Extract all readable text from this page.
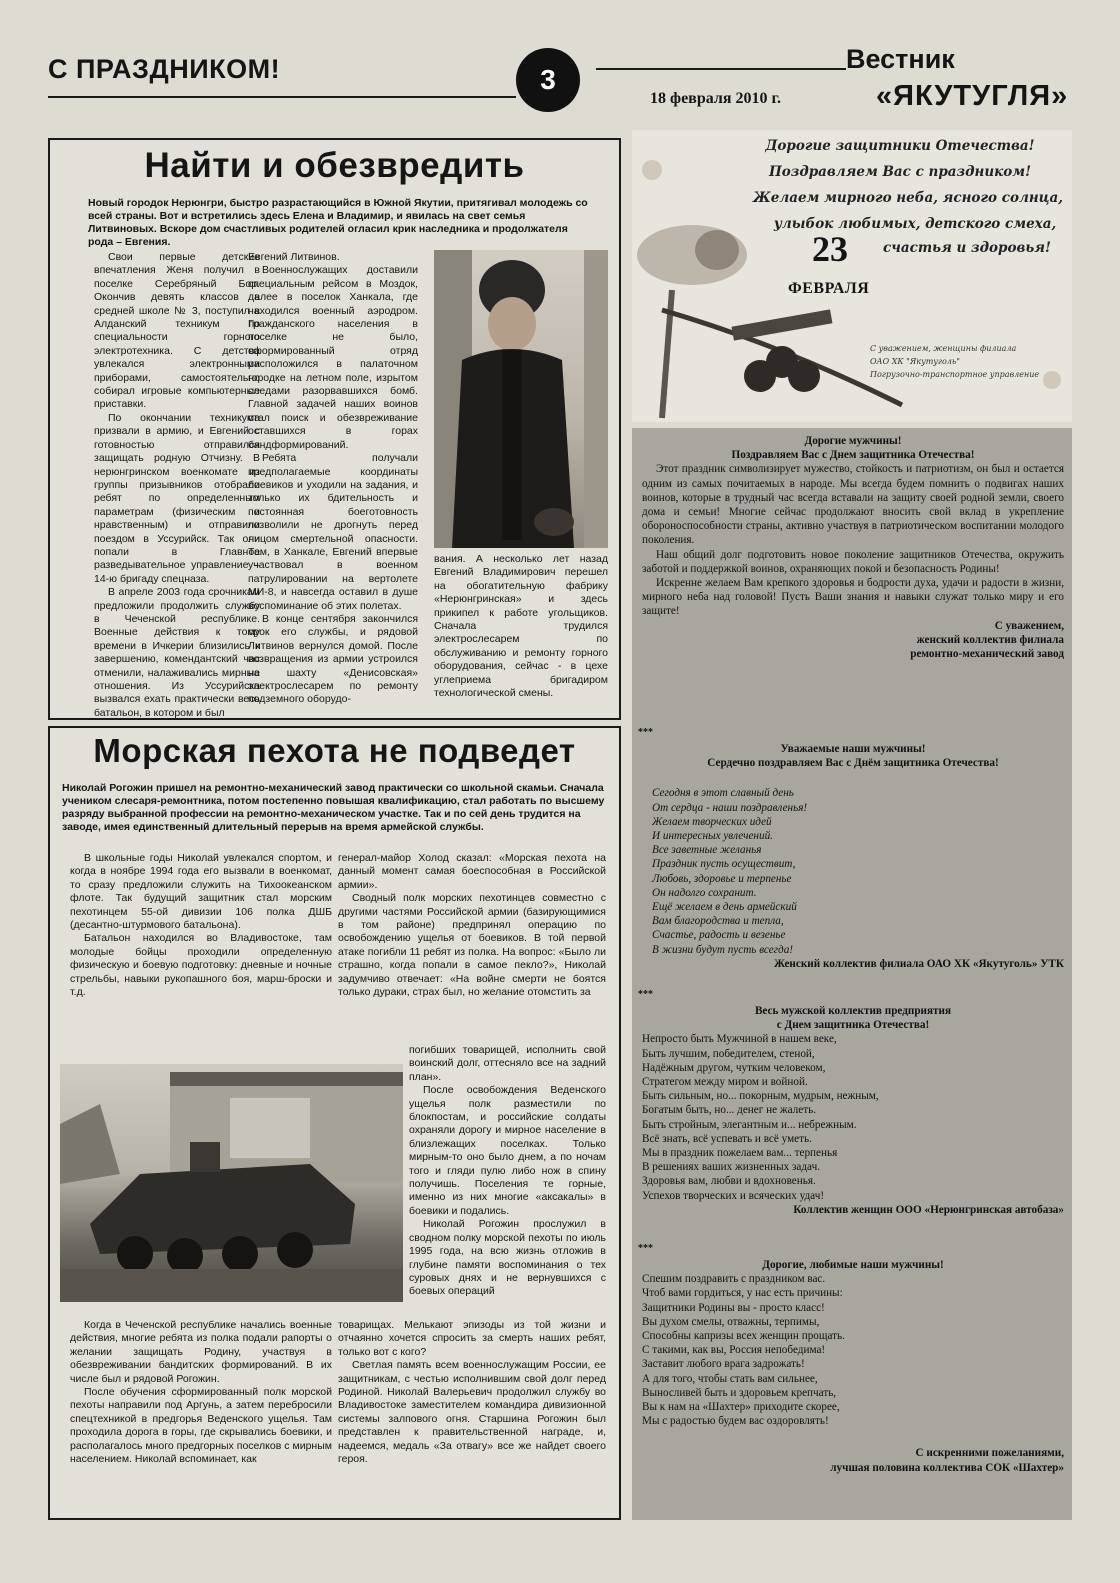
С ПРАЗДНИКОМ!	3
18 февраля 2010 г.
Вестник
«ЯКУТУГЛЯ»
Найти и обезвредить
Новый городок Нерюнгри, быстро разрастающийся в Южной Якутии, притягивал молодежь со всей страны. Вот и встретились здесь Елена и Владимир, и явилась на свет семья Литвиновых. Вскоре дом счастливых родителей огласил крик наследника и продолжателя рода – Евгения.

Свои первые детские впечатления Женя получил в поселке Серебряный Бор. Окончив девять классов в средней школе № 3, поступил в Алданский техникум по специальности горного электротехника. С детства увлекался электронными приборами, самостоятельно собирал игровые компьютерные приставки.

По окончании техникума призвали в армию, и Евгений с готовностью отправился защищать родную Отчизну. В нерюнгринском военкомате из группы призывников отобрали ребят по определенным параметрам (физическим и нравственным) и отправили поездом в Уссурийск. Так они попали в Главное разведывательное управление – 14-ю бригаду спецназа.

В апреле 2003 года срочникам предложили продолжить службу в Чеченской республике. Военные действия к тому времени в Ичкерии близились к завершению, комендантский час отменили, налаживались мирные отношения. Из Уссурийска вызвался ехать практически весь батальон, в котором и был

Евгений Литвинов.

Военнослужащих доставили специальным рейсом в Моздок, далее в поселок Ханкала, где находился военный аэродром. Гражданского населения в поселке не было, сформированный отряд расположился в палаточном городке на летном поле, изрытом следами разорвавшихся бомб. Главной задачей наших воинов стал поиск и обезвреживание оставшихся в горах бандформирований.

Ребята получали предполагаемые координаты боевиков и уходили на задания, и только их бдительность и постоянная боеготовность позволили не дрогнуть перед лицом смертельной опасности. Там, в Ханкале, Евгений впервые участвовал в военном патрулировании на вертолете МИ-8, и навсегда оставил в душе воспоминание об этих полетах.

В конце сентября закончился срок его службы, и рядовой Литвинов вернулся домой. После возвращения из армии устроился на шахту «Денисовская» электрослесарем по ремонту подземного оборудо-

вания. А несколько лет назад Евгений Владимирович перешел на обогатительную фабрику «Нерюнгринская» и здесь прикипел к работе угольщиков. Сначала трудился электрослесарем по обслуживанию и ремонту горного оборудования, сейчас - в цехе углеприема бригадиром технологической смены.

Морская пехота не подведет
Николай Рогожин пришел на ремонтно-механический завод практически со школьной скамьи. Сначала учеником слесаря-ремонтника, потом постепенно повышая квалификацию, стал работать по высшему разряду выбранной профессии на ремонтно-механическом участке. Так и по сей день трудится на заводе, имея единственный длительный перерыв на время армейской службы.

В школьные годы Николай увлекался спортом, и когда в ноябре 1994 года его вызвали в военкомат, то сразу предложили служить на Тихоокеанском флоте. Так будущий защитник стал морским пехотинцем 55-ой дивизии 106 полка ДШБ (десантно-штурмового батальона).

Батальон находился во Владивостоке, там молодые бойцы проходили определенную физическую и боевую подготовку: дневные и ночные стрельбы, навыки рукопашного боя, марш-броски и т.д.

генерал-майор Холод сказал: «Морская пехота на данный момент самая боеспособная в Российской армии».

Сводный полк морских пехотинцев совместно с другими частями Российской армии (базирующимися в том районе) предпринял операцию по освобождению ущелья от боевиков. В той первой атаке погибли 11 ребят из полка. На вопрос: «Было ли страшно, когда попали в самое пекло?», Николай задумчиво отвечает: «На войне смерти не боятся только дураки, страх был, но желание отомстить за

погибших товарищей, исполнить свой воинский долг, оттесняло все на задний план».

После освобождения Веденского ущелья полк разместили по блокпостам, и российские солдаты охраняли дорогу и мирное население в близлежащих поселках. Только мирным-то оно было днем, а по ночам того и гляди пулю либо нож в спину получишь. Поселения те горные, именно из них многие «аксакалы» в боевики и подались.

Николай Рогожин прослужил в сводном полку морской пехоты по июль 1995 года, на всю жизнь отложив в глубине памяти воспоминания о тех суровых днях и не вернувшихся с боевых операций

Когда в Чеченской республике начались военные действия, многие ребята из полка подали рапорты о желании защищать Родину, участвуя в обезвреживании бандитских формирований. В их числе был и рядовой Рогожин.

После обучения сформированный полк морской пехоты направили под Аргунь, а затем перебросили спецтехникой в предгорья Веденского ущелья. Там проходила дорога в горы, где скрывались боевики, и располагалось много предгорных поселков с мирным населением. Николай вспоминает, как

товарищах. Мелькают эпизоды из той жизни и отчаянно хочется спросить за смерть наших ребят, только вот с кого?

Светлая память всем военнослужащим России, ее защитникам, с честью исполнившим свой долг перед Родиной. Николай Валерьевич продолжил службу во Владивостоке заместителем командира дивизионной системы залпового огня. Старшина Рогожин был представлен к правительственной награде, и, надеемся, медаль «За отвагу» все же найдет своего героя.

Дорогие защитники Отечества!
Поздравляем Вас с праздником!
Желаем мирного неба, ясного солнца,
улыбок любимых, детского смеха,
счастья и здоровья!
23
ФЕВРАЛЯ
С уважением, женщины филиала
ОАО ХК "Якутуголь"
Погрузочно-транспортное управление
Дорогие мужчины!
Поздравляем Вас с Днем защитника Отечества!
Этот праздник символизирует мужество, стойкость и патриотизм, он был и остается одним из самых почитаемых в народе. Мы всегда будем помнить о подвигах наших воинов, которые в трудный час всегда вставали на защиту своей родной земли, своего дома и семьи! Многие сейчас продолжают вносить свой вклад в укрепление обороноспособности страны, активно участвуя в патриотическом воспитании молодого поколения.
Наш общий долг подготовить новое поколение защитников Отечества, окружить заботой и поддержкой воинов, охраняющих покой и безопасность Родины!
Искренне желаем Вам крепкого здоровья и бодрости духа, удачи и радости в жизни, мирного неба над головой! Пусть Ваши знания и навыки служат только миру и его защите!
С уважением,
женский коллектив филиала
ремонтно-механический завод
***
Уважаемые наши мужчины!
Сердечно поздравляем Вас с Днём защитника Отечества!
Сегодня в этот славный день
От сердца - наши поздравленья!
Желаем творческих идей
И интересных увлечений.
Все заветные желанья
Праздник пусть осуществит,
Любовь, здоровье и терпенье
Он надолго сохранит.
Ещё желаем в день армейский
Вам благородства и тепла,
Счастье, радость и везенье
В жизни будут пусть всегда!
Женский коллектив филиала ОАО ХК «Якутуголь» УТК
***
Весь мужской коллектив предприятия
с Днем защитника Отечества!
Непросто быть Мужчиной в нашем веке,
Быть лучшим, победителем, стеной,
Надёжным другом, чутким человеком,
Стратегом между миром и войной.
Быть сильным, но... покорным, мудрым, нежным,
Богатым быть, но... денег не жалеть.
Быть стройным, элегантным и... небрежным.
Всё знать, всё успевать и всё уметь.
Мы в праздник пожелаем вам... терпенья
В решениях ваших жизненных задач.
Здоровья вам, любви и вдохновенья.
Успехов творческих и всяческих удач!
Коллектив женщин ООО «Нерюнгринская автобаза»
***
Дорогие, любимые наши мужчины!
Спешим поздравить с праздником вас.
Чтоб вами гордиться, у нас есть причины:
Защитники Родины вы - просто класс!
Вы духом смелы, отважны, терпимы,
Способны капризы всех женщин прощать.
С такими, как вы, Россия непобедима!
Заставит любого врага задрожать!
А для того, чтобы стать вам сильнее,
Выносливей быть и здоровьем крепчать,
Вы к нам на «Шахтер» приходите скорее,
Мы с радостью будем вас оздоровлять!
С искренними пожеланиями,
лучшая половина коллектива СОК «Шахтер»
